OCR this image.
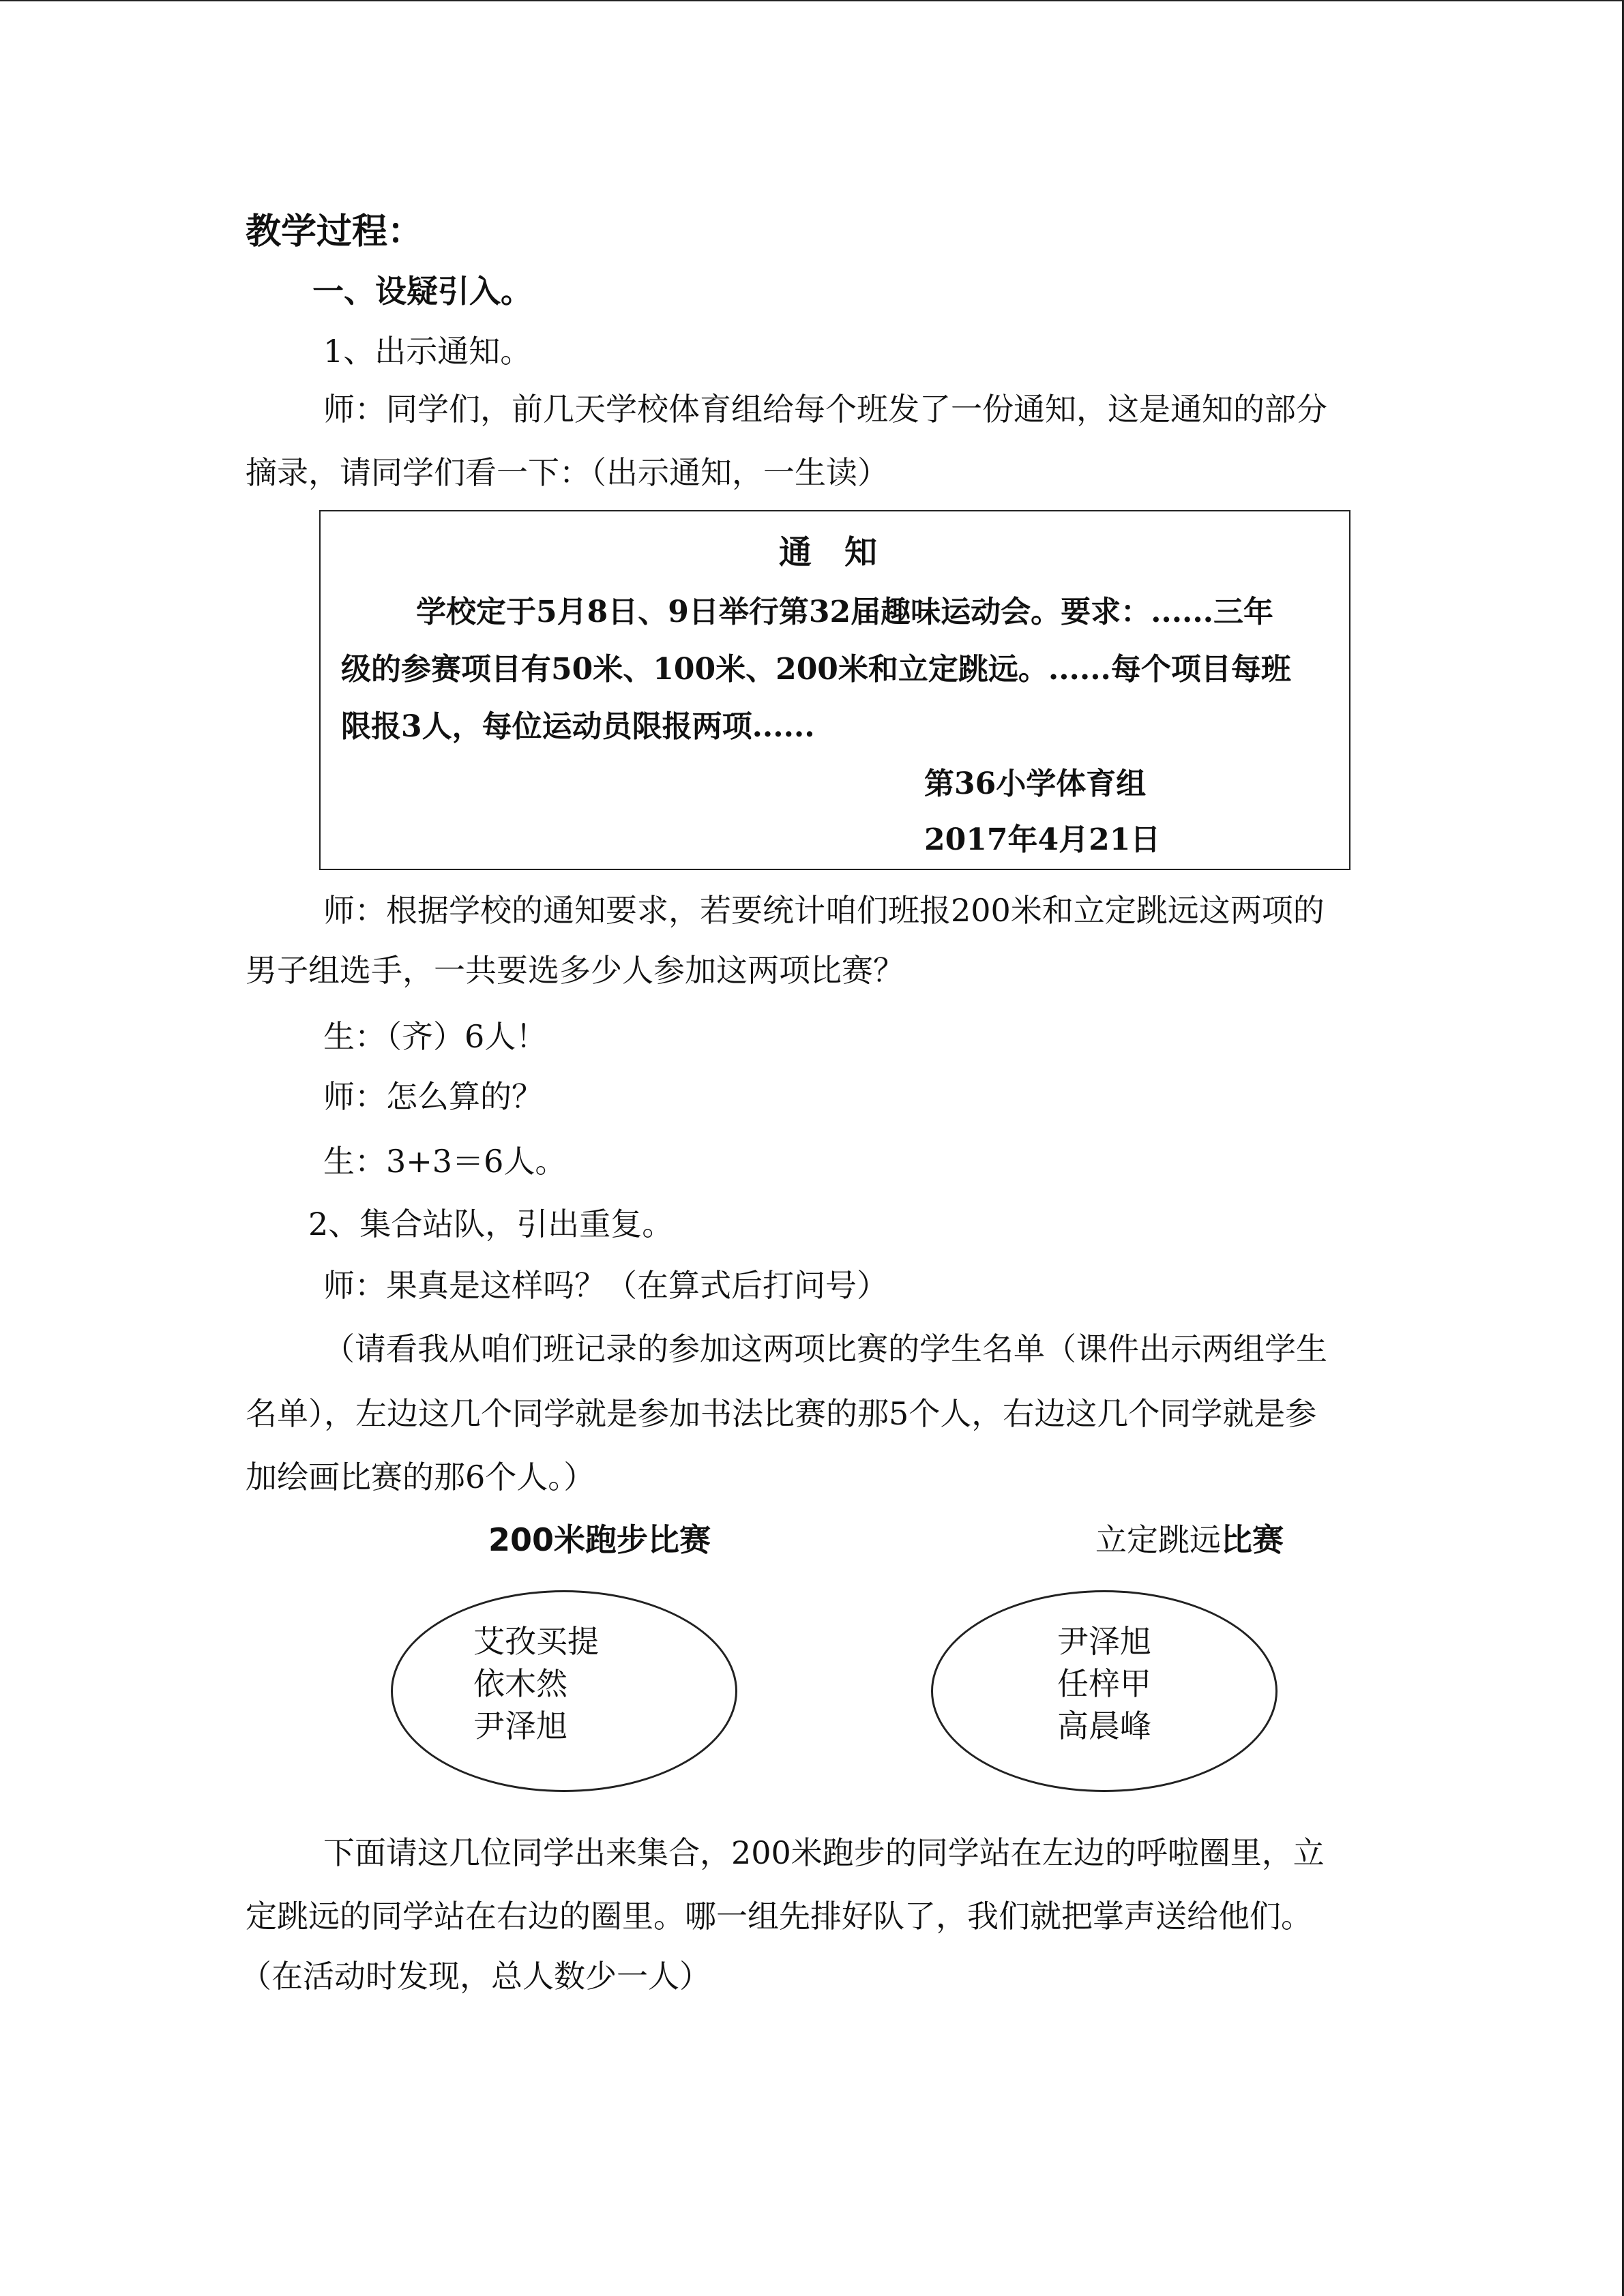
教学过程：
一、设疑引入。
1、出示通知。
师：同学们，前几天学校体育组给每个班发了一份通知，这是通知的部分
摘录，请同学们看一下：（出示通知，一生读）
通　知
学校定于5月8日、9日举行第32届趣味运动会。要求：......三年
级的参赛项目有50米、100米、200米和立定跳远。......每个项目每班
限报3人，每位运动员限报两项......
第36小学体育组
2017年4月21日
师：根据学校的通知要求，若要统计咱们班报200米和立定跳远这两项的
男子组选手，一共要选多少人参加这两项比赛？
生：（齐）6人！
师：怎么算的？
生：3+3＝6人。
2、集合站队，引出重复。
师：果真是这样吗？（在算式后打问号）
（请看我从咱们班记录的参加这两项比赛的学生名单（课件出示两组学生
名单），左边这几个同学就是参加书法比赛的那5个人，右边这几个同学就是参
加绘画比赛的那6个人。）
200米跑步比赛	立定跳远比赛
艾孜买提
依木然
尹泽旭
尹泽旭
任梓甲
高晨峰
下面请这几位同学出来集合，200米跑步的同学站在左边的呼啦圈里，立
定跳远的同学站在右边的圈里。哪一组先排好队了，我们就把掌声送给他们。
（在活动时发现，总人数少一人）
